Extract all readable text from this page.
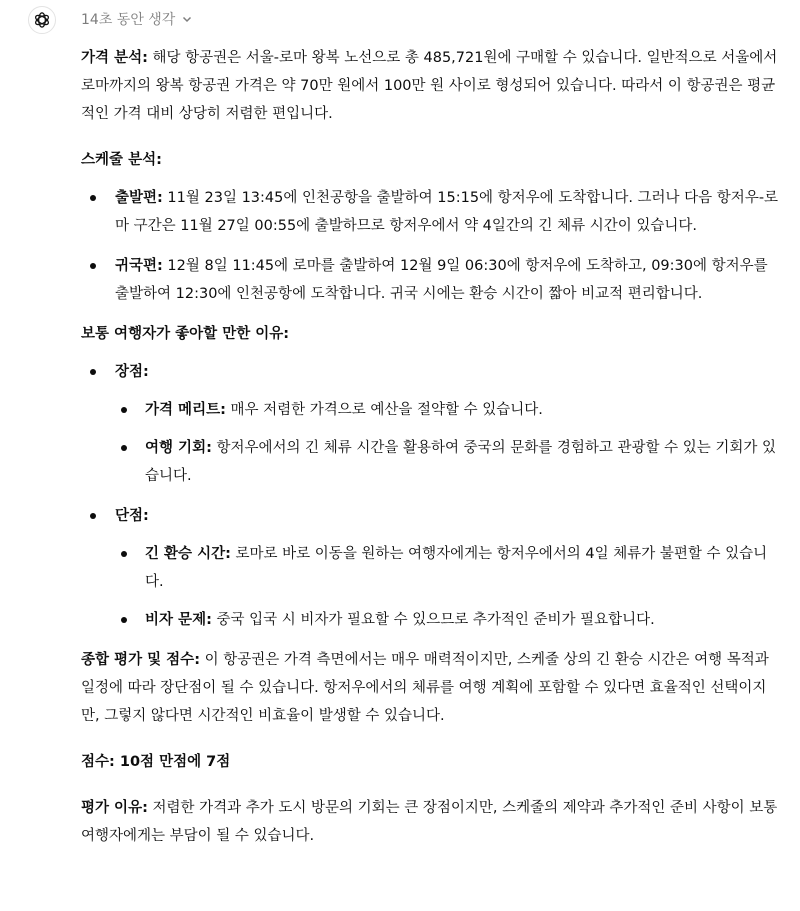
14초 동안 생각

가격 분석: 해당 항공권은 서울-로마 왕복 노선으로 총 485,721원에 구매할 수 있습니다. 일반적으로 서울에서 로마까지의 왕복 항공권 가격은 약 70만 원에서 100만 원 사이로 형성되어 있습니다. 따라서 이 항공권은 평균적인 가격 대비 상당히 저렴한 편입니다.

스케줄 분석:

출발편: 11월 23일 13:45에 인천공항을 출발하여 15:15에 항저우에 도착합니다. 그러나 다음 항저우-로마 구간은 11월 27일 00:55에 출발하므로 항저우에서 약 4일간의 긴 체류 시간이 있습니다.
귀국편: 12월 8일 11:45에 로마를 출발하여 12월 9일 06:30에 항저우에 도착하고, 09:30에 항저우를 출발하여 12:30에 인천공항에 도착합니다. 귀국 시에는 환승 시간이 짧아 비교적 편리합니다.

보통 여행자가 좋아할 만한 이유:

장점:
가격 메리트: 매우 저렴한 가격으로 예산을 절약할 수 있습니다.
여행 기회: 항저우에서의 긴 체류 시간을 활용하여 중국의 문화를 경험하고 관광할 수 있는 기회가 있습니다.
단점:
긴 환승 시간: 로마로 바로 이동을 원하는 여행자에게는 항저우에서의 4일 체류가 불편할 수 있습니다.
비자 문제: 중국 입국 시 비자가 필요할 수 있으므로 추가적인 준비가 필요합니다.

종합 평가 및 점수: 이 항공권은 가격 측면에서는 매우 매력적이지만, 스케줄 상의 긴 환승 시간은 여행 목적과 일정에 따라 장단점이 될 수 있습니다. 항저우에서의 체류를 여행 계획에 포함할 수 있다면 효율적인 선택이지만, 그렇지 않다면 시간적인 비효율이 발생할 수 있습니다.

점수: 10점 만점에 7점

평가 이유: 저렴한 가격과 추가 도시 방문의 기회는 큰 장점이지만, 스케줄의 제약과 추가적인 준비 사항이 보통 여행자에게는 부담이 될 수 있습니다.
